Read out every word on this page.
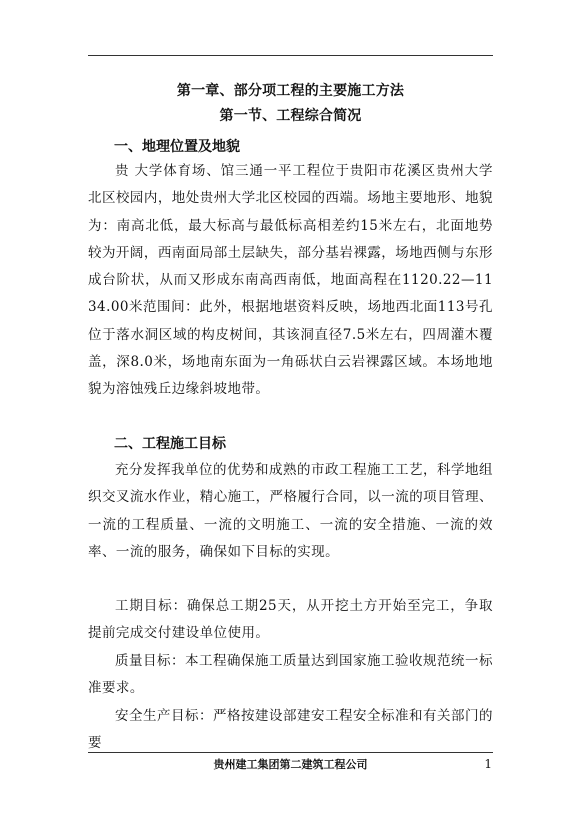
第一章、部分项工程的主要施工方法
第一节、工程综合简况
一、地理位置及地貌

贵 大学体育场、馆三通一平工程位于贵阳市花溪区贵州大学北区校园内，地处贵州大学北区校园的西端。场地主要地形、地貌为：南高北低，最大标高与最低标高相差约15米左右，北面地势较为开阔，西南面局部土层缺失，部分基岩裸露，场地西侧与东形成台阶状，从而又形成东南高西南低，地面高程在1120.22—1134.00米范围间：此外，根据地堪资料反映，场地西北面113号孔位于落水洞区域的构皮树间，其该洞直径7.5米左右，四周灌木覆盖，深8.0米，场地南东面为一角砾状白云岩裸露区域。本场地地貌为溶蚀残丘边缘斜坡地带。

二、工程施工目标

充分发挥我单位的优势和成熟的市政工程施工工艺，科学地组织交叉流水作业，精心施工，严格履行合同，以一流的项目管理、一流的工程质量、一流的文明施工、一流的安全措施、一流的效率、一流的服务，确保如下目标的实现。

工期目标：确保总工期25天，从开挖土方开始至完工，争取提前完成交付建设单位使用。

质量目标：本工程确保施工质量达到国家施工验收规范统一标准要求。

安全生产目标：严格按建设部建安工程安全标准和有关部门的要

贵州建工集团第二建筑工程公司	1
